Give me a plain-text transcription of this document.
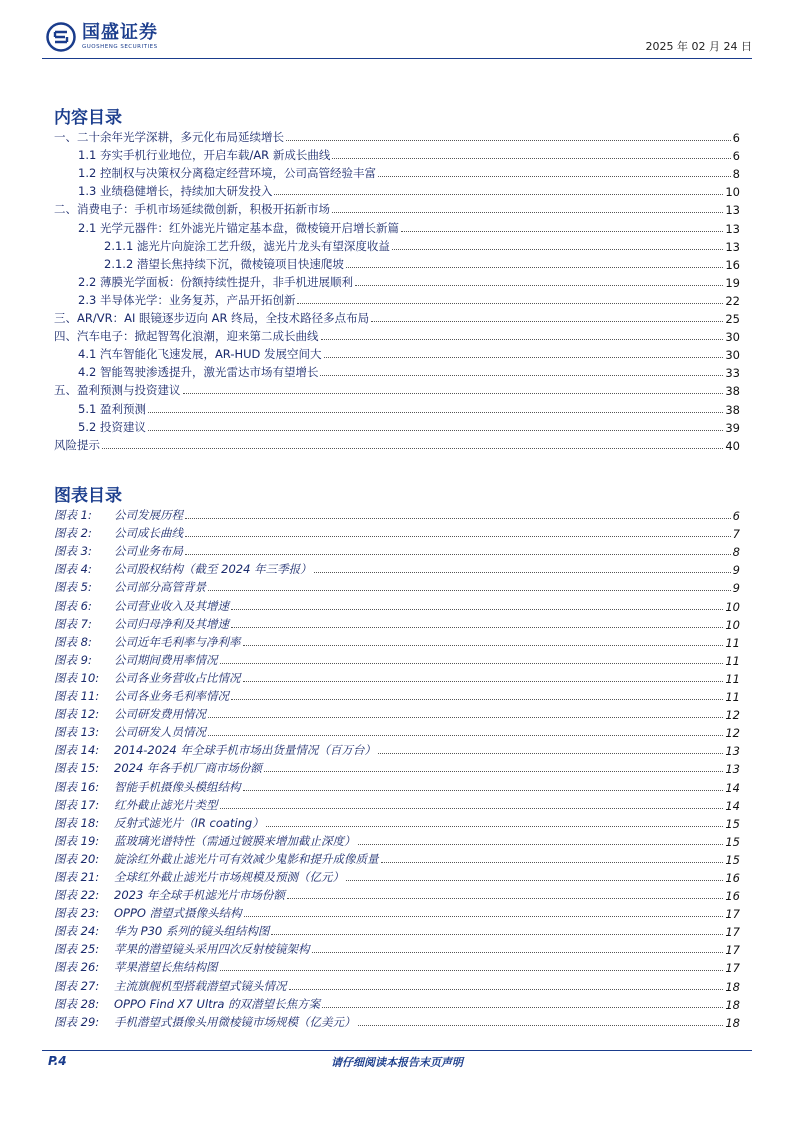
国盛证券
GUOSHENG SECURITIES	2025 年 02 月 24 日
内容目录
一、二十余年光学深耕，多元化布局延续增长	6
1.1 夯实手机行业地位，开启车载/AR 新成长曲线	6
1.2 控制权与决策权分离稳定经营环境，公司高管经验丰富	8
1.3 业绩稳健增长，持续加大研发投入	10
二、消费电子：手机市场延续微创新，积极开拓新市场	13
2.1 光学元器件：红外滤光片锚定基本盘，微棱镜开启增长新篇	13
2.1.1 滤光片向旋涂工艺升级，滤光片龙头有望深度收益	13
2.1.2 潜望长焦持续下沉，微棱镜项目快速爬坡	16
2.2 薄膜光学面板：份额持续性提升，非手机进展顺利	19
2.3 半导体光学：业务复苏，产品开拓创新	22
三、AR/VR：AI 眼镜逐步迈向 AR 终局，全技术路径多点布局	25
四、汽车电子：掀起智驾化浪潮，迎来第二成长曲线	30
4.1 汽车智能化飞速发展，AR-HUD 发展空间大	30
4.2 智能驾驶渗透提升，激光雷达市场有望增长	33
五、盈利预测与投资建议	38
5.1 盈利预测	38
5.2 投资建议	39
风险提示	40
图表目录
图表 1:	公司发展历程	6
图表 2:	公司成长曲线	7
图表 3:	公司业务布局	8
图表 4:	公司股权结构（截至 2024 年三季报）	9
图表 5:	公司部分高管背景	9
图表 6:	公司营业收入及其增速	10
图表 7:	公司归母净利及其增速	10
图表 8:	公司近年毛利率与净利率	11
图表 9:	公司期间费用率情况	11
图表 10:	公司各业务营收占比情况	11
图表 11:	公司各业务毛利率情况	11
图表 12:	公司研发费用情况	12
图表 13:	公司研发人员情况	12
图表 14:	2014-2024 年全球手机市场出货量情况（百万台）	13
图表 15:	2024 年各手机厂商市场份额	13
图表 16:	智能手机摄像头模组结构	14
图表 17:	红外截止滤光片类型	14
图表 18:	反射式滤光片（IR coating）	15
图表 19:	蓝玻璃光谱特性（需通过镀膜来增加截止深度）	15
图表 20:	旋涂红外截止滤光片可有效减少鬼影和提升成像质量	15
图表 21:	全球红外截止滤光片市场规模及预测（亿元）	16
图表 22:	2023 年全球手机滤光片市场份额	16
图表 23:	OPPO 潜望式摄像头结构	17
图表 24:	华为 P30 系列的镜头组结构图	17
图表 25:	苹果的潜望镜头采用四次反射棱镜架构	17
图表 26:	苹果潜望长焦结构图	17
图表 27:	主流旗舰机型搭载潜望式镜头情况	18
图表 28:	OPPO Find X7 Ultra 的双潜望长焦方案	18
图表 29:	手机潜望式摄像头用微棱镜市场规模（亿美元）	18
P.4	请仔细阅读本报告末页声明
